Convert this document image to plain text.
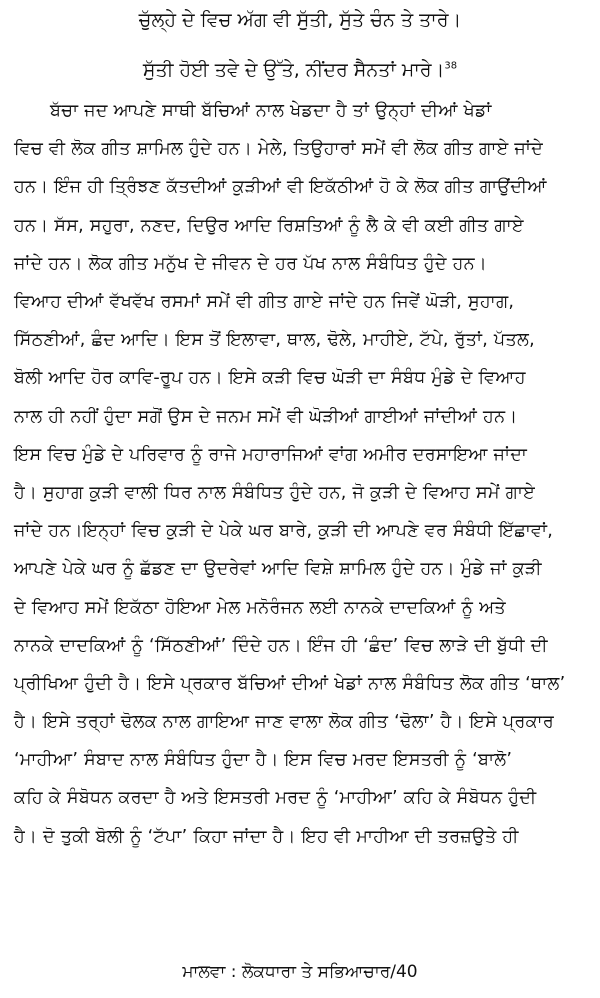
ਚੁੱਲ੍ਹੇ ਦੇ ਵਿਚ ਅੱਗ ਵੀ ਸੁੱਤੀ, ਸੁੱਤੇ ਚੰਨ ਤੇ ਤਾਰੇ।
ਸੁੱਤੀ ਹੋਈ ਤਵੇ ਦੇ ਉੱਤੇ, ਨੀਂਦਰ ਸੈਨਤਾਂ ਮਾਰੇ।$^{38}$
ਬੱਚਾ ਜਦ ਆਪਣੇ ਸਾਥੀ ਬੱਚਿਆਂ ਨਾਲ ਖੇਡਦਾ ਹੈ ਤਾਂ ਉਨ੍ਹਾਂ ਦੀਆਂ ਖੇਡਾਂ
ਵਿਚ ਵੀ ਲੋਕ ਗੀਤ ਸ਼ਾਮਿਲ ਹੁੰਦੇ ਹਨ। ਮੇਲੇ, ਤਿਉਹਾਰਾਂ ਸਮੇਂ ਵੀ ਲੋਕ ਗੀਤ ਗਾਏ ਜਾਂਦੇ
ਹਨ। ਇੰਜ ਹੀ ਤ੍ਰਿੰਝਣ ਕੱਤਦੀਆਂ ਕੁੜੀਆਂ ਵੀ ਇਕੱਠੀਆਂ ਹੋ ਕੇ ਲੋਕ ਗੀਤ ਗਾਉਂਦੀਆਂ
ਹਨ। ਸੱਸ, ਸਹੁਰਾ, ਨਣਦ, ਦਿਉਰ ਆਦਿ ਰਿਸ਼ਤਿਆਂ ਨੂੰ ਲੈ ਕੇ ਵੀ ਕਈ ਗੀਤ ਗਾਏ
ਜਾਂਦੇ ਹਨ। ਲੋਕ ਗੀਤ ਮਨੁੱਖ ਦੇ ਜੀਵਨ ਦੇ ਹਰ ਪੱਖ ਨਾਲ ਸੰਬੰਧਿਤ ਹੁੰਦੇ ਹਨ।
ਵਿਆਹ ਦੀਆਂ ਵੱਖਵੱਖ ਰਸਮਾਂ ਸਮੇਂ ਵੀ ਗੀਤ ਗਾਏ ਜਾਂਦੇ ਹਨ ਜਿਵੇਂ ਘੋੜੀ, ਸੁਹਾਗ,
ਸਿੱਠਣੀਆਂ, ਛੰਦ ਆਦਿ। ਇਸ ਤੋਂ ਇਲਾਵਾ, ਥਾਲ, ਢੋਲੇ, ਮਾਹੀਏ, ਟੱਪੇ, ਰੁੱਤਾਂ, ਪੱਤਲ,
ਬੋਲੀ ਆਦਿ ਹੋਰ ਕਾਵਿ-ਰੂਪ ਹਨ। ਇਸੇ ਕੜੀ ਵਿਚ ਘੋੜੀ ਦਾ ਸੰਬੰਧ ਮੁੰਡੇ ਦੇ ਵਿਆਹ
ਨਾਲ ਹੀ ਨਹੀਂ ਹੁੰਦਾ ਸਗੋਂ ਉਸ ਦੇ ਜਨਮ ਸਮੇਂ ਵੀ ਘੋੜੀਆਂ ਗਾਈਆਂ ਜਾਂਦੀਆਂ ਹਨ।
ਇਸ ਵਿਚ ਮੁੰਡੇ ਦੇ ਪਰਿਵਾਰ ਨੂੰ ਰਾਜੇ ਮਹਾਰਾਜਿਆਂ ਵਾਂਗ ਅਮੀਰ ਦਰਸਾਇਆ ਜਾਂਦਾ
ਹੈ। ਸੁਹਾਗ ਕੁੜੀ ਵਾਲੀ ਧਿਰ ਨਾਲ ਸੰਬੰਧਿਤ ਹੁੰਦੇ ਹਨ, ਜੋ ਕੁੜੀ ਦੇ ਵਿਆਹ ਸਮੇਂ ਗਾਏ
ਜਾਂਦੇ ਹਨ।ਇਨ੍ਹਾਂ ਵਿਚ ਕੁੜੀ ਦੇ ਪੇਕੇ ਘਰ ਬਾਰੇ, ਕੁੜੀ ਦੀ ਆਪਣੇ ਵਰ ਸੰਬੰਧੀ ਇੱਛਾਵਾਂ,
ਆਪਣੇ ਪੇਕੇ ਘਰ ਨੂੰ ਛੱਡਣ ਦਾ ਉਦਰੇਵਾਂ ਆਦਿ ਵਿਸ਼ੇ ਸ਼ਾਮਿਲ ਹੁੰਦੇ ਹਨ। ਮੁੰਡੇ ਜਾਂ ਕੁੜੀ
ਦੇ ਵਿਆਹ ਸਮੇਂ ਇਕੱਠਾ ਹੋਇਆ ਮੇਲ ਮਨੋਰੰਜਨ ਲਈ ਨਾਨਕੇ ਦਾਦਕਿਆਂ ਨੂੰ ਅਤੇ
ਨਾਨਕੇ ਦਾਦਕਿਆਂ ਨੂੰ ‘ਸਿੱਠਣੀਆਂ’ ਦਿੰਦੇ ਹਨ। ਇੰਜ ਹੀ ‘ਛੰਦ’ ਵਿਚ ਲਾੜੇ ਦੀ ਬੁੱਧੀ ਦੀ
ਪ੍ਰੀਖਿਆ ਹੁੰਦੀ ਹੈ। ਇਸੇ ਪ੍ਰਕਾਰ ਬੱਚਿਆਂ ਦੀਆਂ ਖੇਡਾਂ ਨਾਲ ਸੰਬੰਧਿਤ ਲੋਕ ਗੀਤ ‘ਥਾਲ’
ਹੈ। ਇਸੇ ਤਰ੍ਹਾਂ ਢੋਲਕ ਨਾਲ ਗਾਇਆ ਜਾਣ ਵਾਲਾ ਲੋਕ ਗੀਤ ‘ਢੋਲਾ’ ਹੈ। ਇਸੇ ਪ੍ਰਕਾਰ
‘ਮਾਹੀਆ’ ਸੰਬਾਦ ਨਾਲ ਸੰਬੰਧਿਤ ਹੁੰਦਾ ਹੈ। ਇਸ ਵਿਚ ਮਰਦ ਇਸਤਰੀ ਨੂੰ ‘ਬਾਲੋ’
ਕਹਿ ਕੇ ਸੰਬੋਧਨ ਕਰਦਾ ਹੈ ਅਤੇ ਇਸਤਰੀ ਮਰਦ ਨੂੰ ‘ਮਾਹੀਆ’ ਕਹਿ ਕੇ ਸੰਬੋਧਨ ਹੁੰਦੀ
ਹੈ। ਦੋ ਤੁਕੀ ਬੋਲੀ ਨੂੰ ‘ਟੱਪਾ’ ਕਿਹਾ ਜਾਂਦਾ ਹੈ। ਇਹ ਵੀ ਮਾਹੀਆ ਦੀ ਤਰਜ਼ਉਤੇ ਹੀ
ਮਾਲਵਾ : ਲੋਕਧਾਰਾ ਤੇ ਸਭਿਆਚਾਰ/40
